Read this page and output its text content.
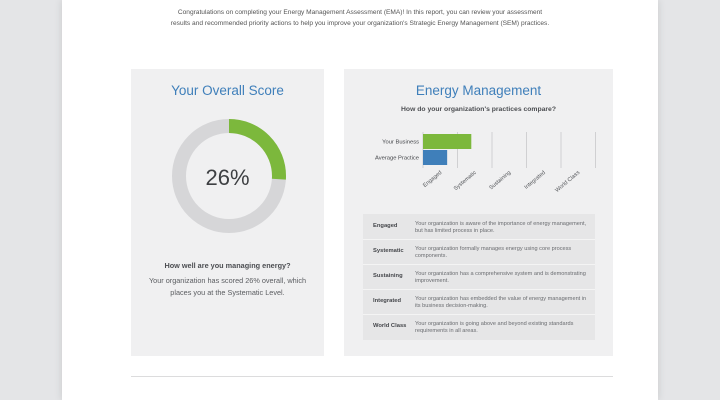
Congratulations on completing your Energy Management Assessment (EMA)! In this report, you can review your assessment results and recommended priority actions to help you improve your organization's Strategic Energy Management (SEM) practices.
Your Overall Score
26%
How well are you managing energy?
Your organization has scored 26% overall, which places you at the Systematic Level.
Energy Management
How do your organization's practices compare?
Your Business
Average Practice
Engaged Systematic Sustaining Integrated World Class
Engaged	Your organization is aware of the importance of energy management, but has limited process in place.
Systematic Your organization formally manages energy using core process components.
Sustaining Your organization has a comprehensive system and is demonstrating improvement.
Integrated Your organization has embedded the value of energy management in its business decision-making.
World Class Your organization is going above and beyond existing standards requirements in all areas.
